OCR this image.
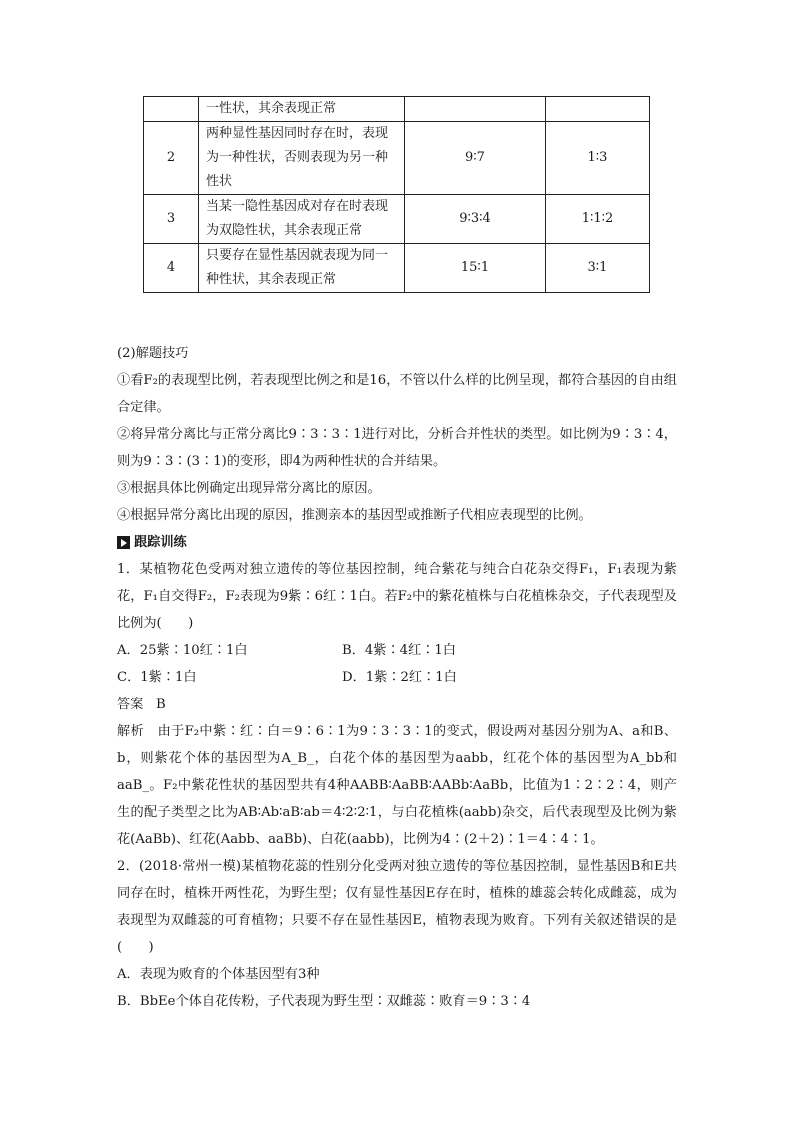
	一性状，其余表现正常		
2	两种显性基因同时存在时，表现为一种性状，否则表现为另一种性状	9∶7	1∶3
3	当某一隐性基因成对存在时表现为双隐性状，其余表现正常	9∶3∶4	1∶1∶2
4	只要存在显性基因就表现为同一种性状，其余表现正常	15∶1	3∶1

(2)解题技巧

①看F₂的表现型比例，若表现型比例之和是16，不管以什么样的比例呈现，都符合基因的自由组合定律。

②将异常分离比与正常分离比9∶3∶3∶1进行对比，分析合并性状的类型。如比例为9∶3∶4，则为9∶3∶(3∶1)的变形，即4为两种性状的合并结果。

③根据具体比例确定出现异常分离比的原因。

④根据异常分离比出现的原因，推测亲本的基因型或推断子代相应表现型的比例。

跟踪训练

1．某植物花色受两对独立遗传的等位基因控制，纯合紫花与纯合白花杂交得F₁，F₁表现为紫花，F₁自交得F₂，F₂表现为9紫∶6红∶1白。若F₂中的紫花植株与白花植株杂交，子代表现型及比例为(　　)

A．25紫∶10红∶1白	B．4紫∶4红∶1白
C．1紫∶1白	D．1紫∶2红∶1白

答案 B

解析 由于F₂中紫∶红∶白＝9∶6∶1为9∶3∶3∶1的变式，假设两对基因分别为A、a和B、b，则紫花个体的基因型为A_B_，白花个体的基因型为aabb，红花个体的基因型为A_bb和aaB_。F₂中紫花性状的基因型共有4种AABB∶AaBB∶AABb∶AaBb，比值为1∶2∶2∶4，则产生的配子类型之比为AB∶Ab∶aB∶ab＝4∶2∶2∶1，与白花植株(aabb)杂交，后代表现型及比例为紫花(AaBb)、红花(Aabb、aaBb)、白花(aabb)，比例为4∶(2＋2)∶1＝4∶4∶1。

2．(2018·常州一模)某植物花蕊的性别分化受两对独立遗传的等位基因控制，显性基因B和E共同存在时，植株开两性花，为野生型；仅有显性基因E存在时，植株的雄蕊会转化成雌蕊，成为表现型为双雌蕊的可育植物；只要不存在显性基因E，植物表现为败育。下列有关叙述错误的是(　　)

A．表现为败育的个体基因型有3种

B．BbEe个体自花传粉，子代表现为野生型∶双雌蕊∶败育＝9∶3∶4
